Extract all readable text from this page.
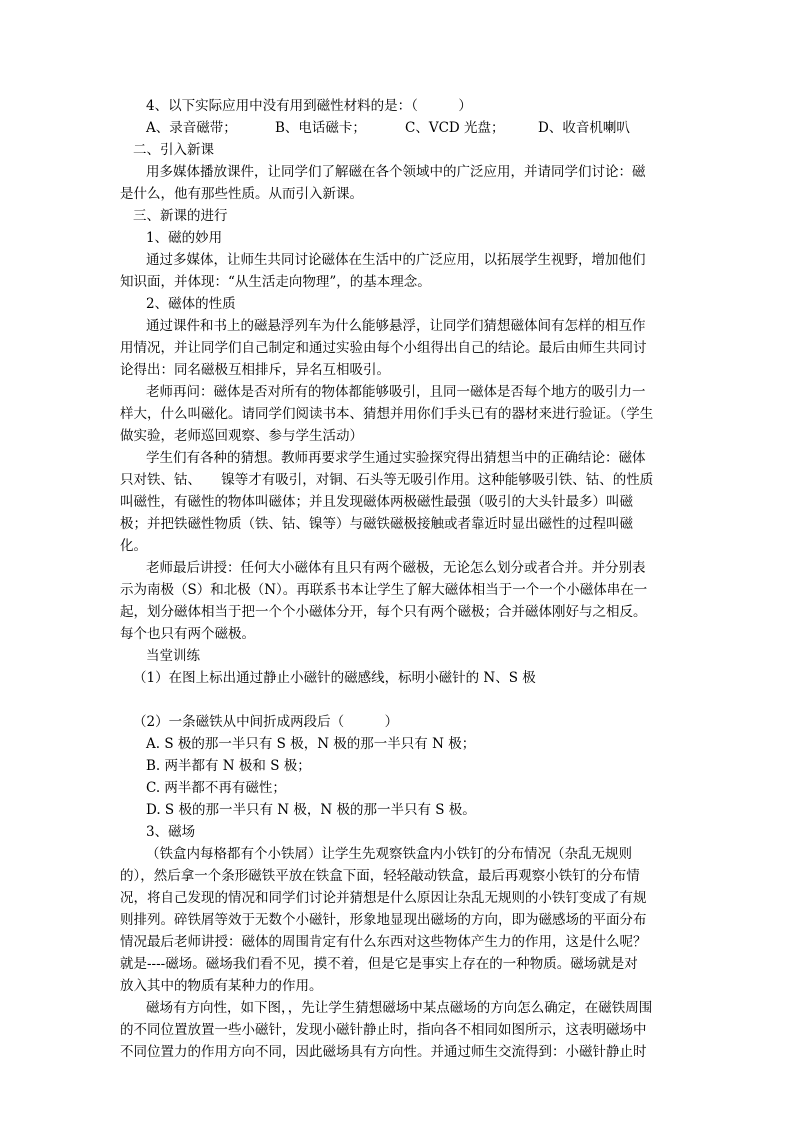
4、以下实际应用中没有用到磁性材料的是：（　　　）
A、录音磁带；	B、电话磁卡；	C、VCD 光盘； D、收音机喇叭
二、引入新课
用多媒体播放课件，让同学们了解磁在各个领域中的广泛应用，并请同学们讨论：磁
是什么，他有那些性质。从而引入新课。
三、新课的进行
1、磁的妙用
通过多媒体，让师生共同讨论磁体在生活中的广泛应用，以拓展学生视野，增加他们
知识面，并体现：“从生活走向物理”，的基本理念。
2、磁体的性质
通过课件和书上的磁悬浮列车为什么能够悬浮，让同学们猜想磁体间有怎样的相互作
用情况，并让同学们自己制定和通过实验由每个小组得出自己的结论。最后由师生共同讨
论得出：同名磁极互相排斥，异名互相吸引。
老师再问：磁体是否对所有的物体都能够吸引，且同一磁体是否每个地方的吸引力一
样大，什么叫磁化。请同学们阅读书本、猜想并用你们手头已有的器材来进行验证。（学生
做实验，老师巡回观察、参与学生活动）
学生们有各种的猜想。教师再要求学生通过实验探究得出猜想当中的正确结论：磁体
只对铁、钴、　　镍等才有吸引，对铜、石头等无吸引作用。这种能够吸引铁、钴、的性质
叫磁性，有磁性的物体叫磁体；并且发现磁体两极磁性最强（吸引的大头针最多）叫磁
极；并把铁磁性物质（铁、钴、镍等）与磁铁磁极接触或者靠近时显出磁性的过程叫磁
化。
老师最后讲授：任何大小磁体有且只有两个磁极，无论怎么划分或者合并。并分别表
示为南极（S）和北极（N）。再联系书本让学生了解大磁体相当于一个一个小磁体串在一
起，划分磁体相当于把一个个小磁体分开，每个只有两个磁极；合并磁体刚好与之相反。
每个也只有两个磁极。
当堂训练
（1）在图上标出通过静止小磁针的磁感线，标明小磁针的 N、S 极
（2）一条磁铁从中间折成两段后（　　　）
A. S 极的那一半只有 S 极，N 极的那一半只有 N 极；
B. 两半都有 N 极和 S 极；
C. 两半都不再有磁性；
D. S 极的那一半只有 N 极，N 极的那一半只有 S 极。
3、磁场
（铁盒内每格都有个小铁屑）让学生先观察铁盒内小铁钉的分布情况（杂乱无规则
的），然后拿一个条形磁铁平放在铁盒下面，轻轻敲动铁盒，最后再观察小铁钉的分布情
况，将自己发现的情况和同学们讨论并猜想是什么原因让杂乱无规则的小铁钉变成了有规
则排列。碎铁屑等效于无数个小磁针，形象地显现出磁场的方向，即为磁感场的平面分布
情况最后老师讲授：磁体的周围肯定有什么东西对这些物体产生力的作用，这是什么呢？
就是----磁场。磁场我们看不见，摸不着，但是它是事实上存在的一种物质。磁场就是对
放入其中的物质有某种力的作用。
磁场有方向性，如下图，，先让学生猜想磁场中某点磁场的方向怎么确定，在磁铁周围
的不同位置放置一些小磁针，发现小磁针静止时，指向各不相同如图所示，这表明磁场中
不同位置力的作用方向不同，因此磁场具有方向性。并通过师生交流得到：小磁针静止时
